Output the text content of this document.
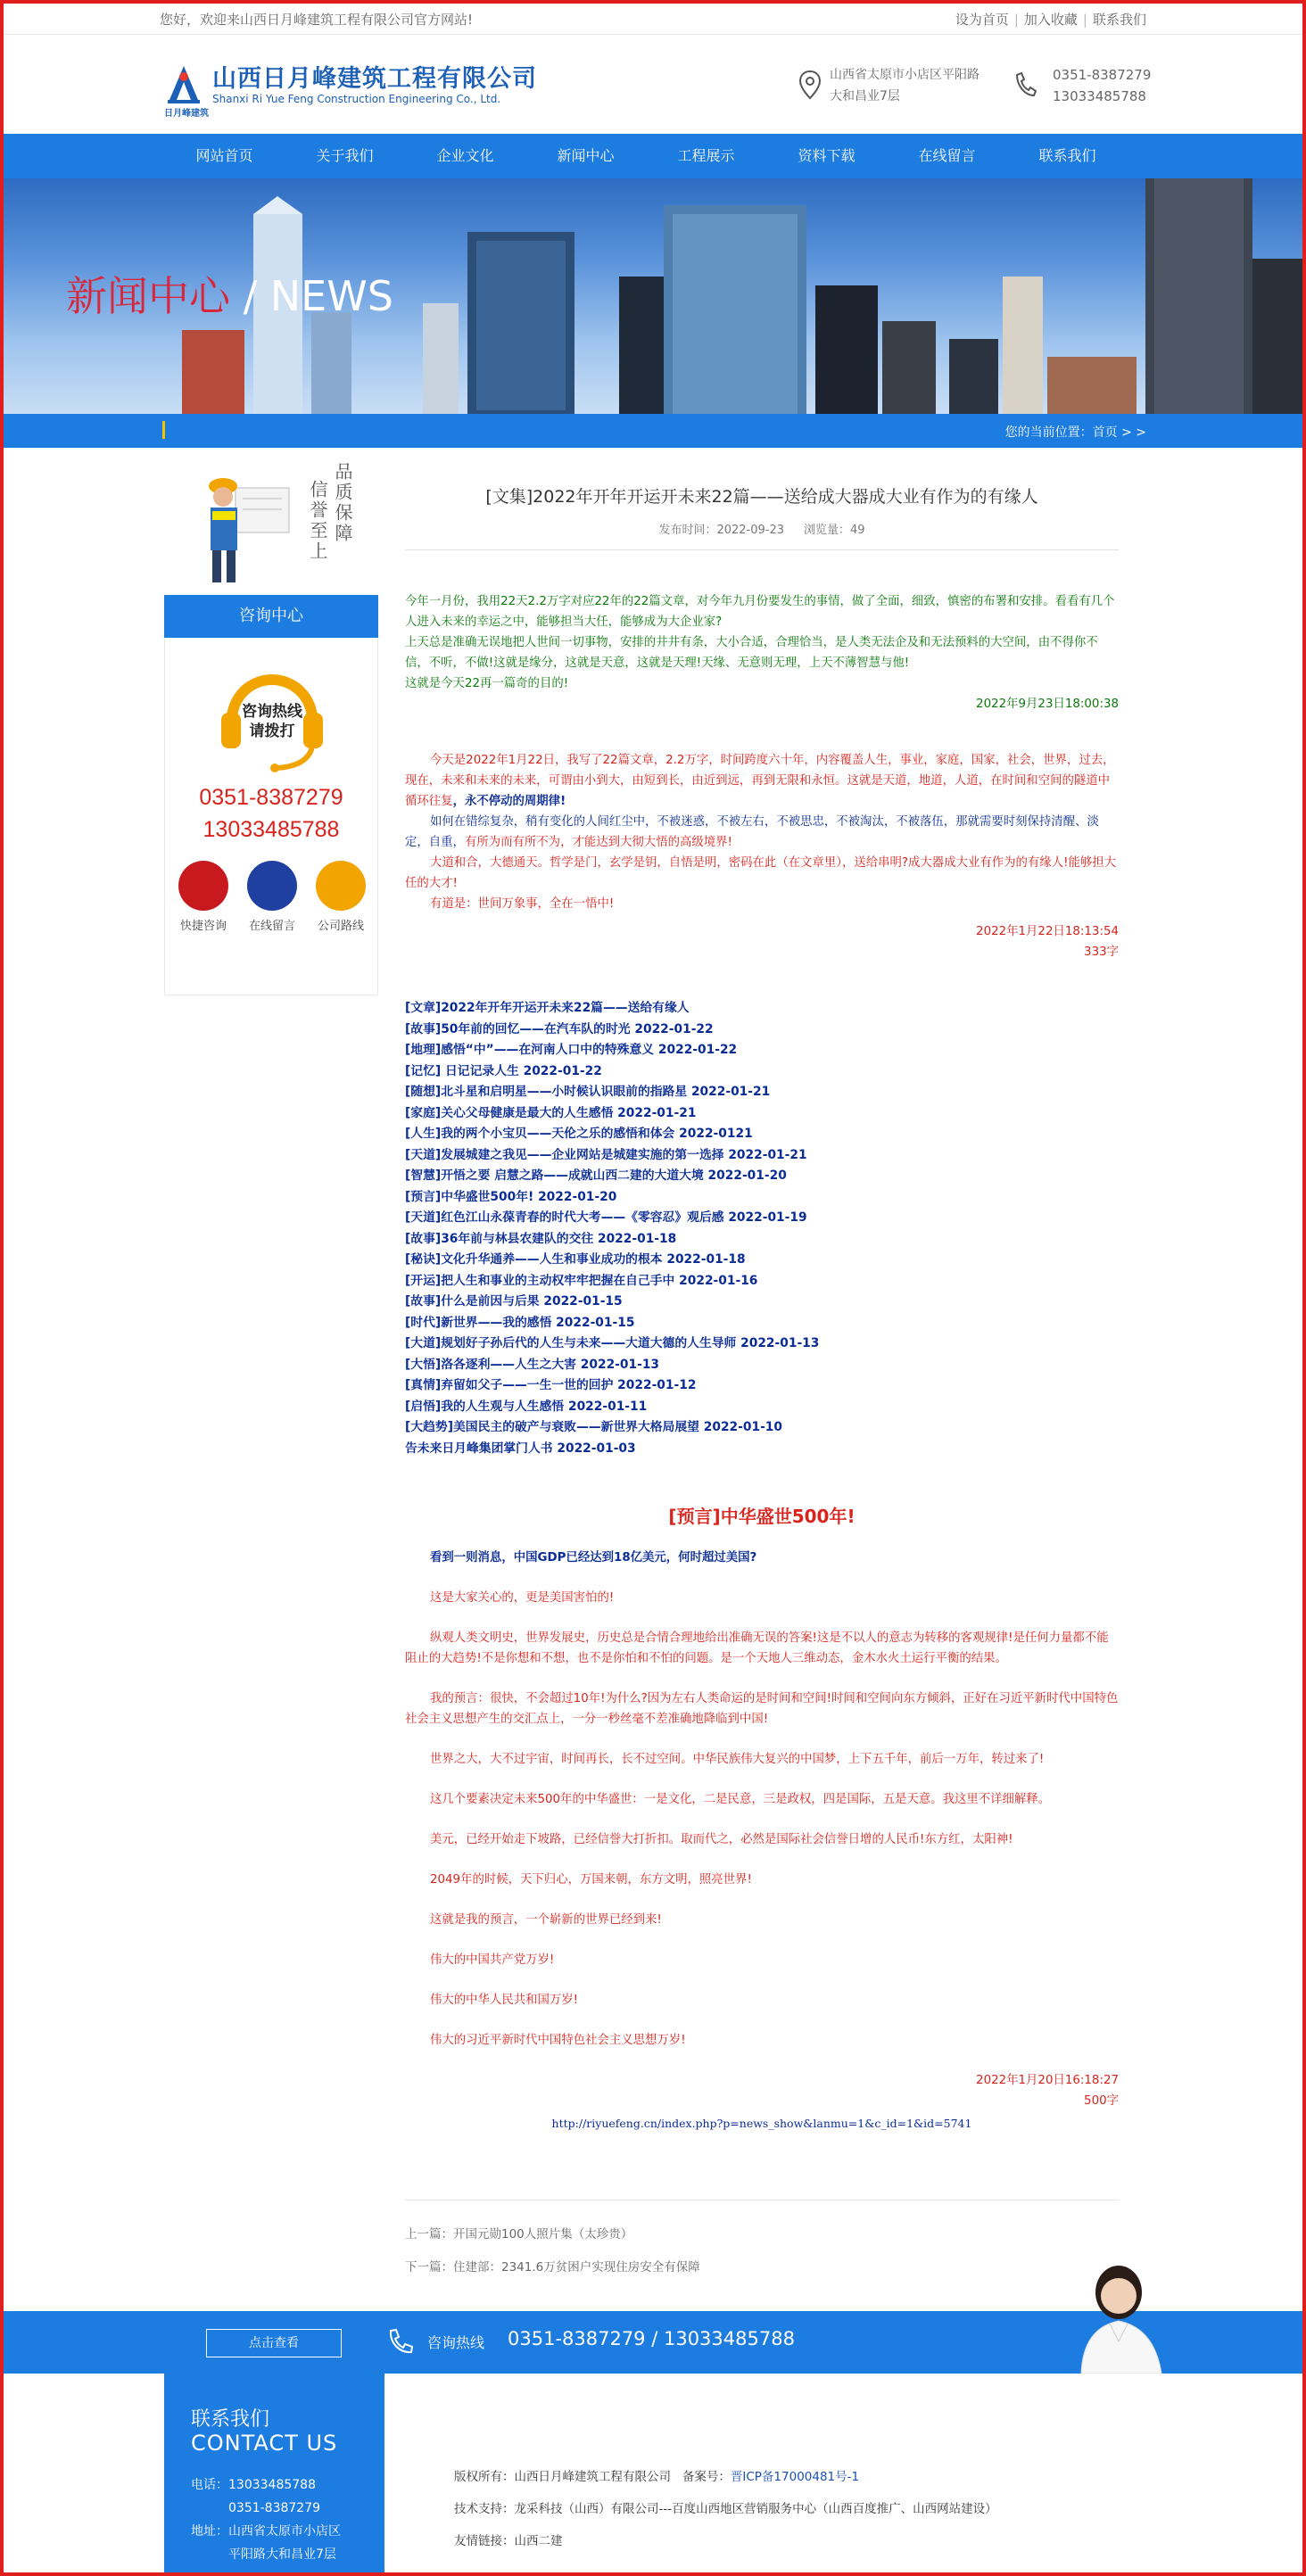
您好，欢迎来山西日月峰建筑工程有限公司官方网站!	设为首页 | 加入收藏 | 联系我们
山西日月峰建筑工程有限公司
Shanxi Ri Yue Feng Construction Engineering Co., Ltd.
日月峰建筑
山西省太原市小店区平阳路
大和昌业7层
0351-8387279
13033485788
网站首页	关于我们	企业文化	新闻中心	工程展示	资料下载	在线留言	联系我们
新闻中心 / NEWS
您的当前位置：首页 > >
品质保障
信誉至上
咨询中心
咨询热线
请拨打
0351-8387279
13033485788
快捷咨询	在线留言	公司路线
[文集]2022年开年开运开未来22篇——送给成大器成大业有作为的有缘人
发布时间：2022-09-23 浏览量：49
今年一月份，我用22天2.2万字对应22年的22篇文章，对今年九月份要发生的事情，做了全面，细致，慎密的布署和安排。看看有几个人进入未来的幸运之中，能够担当大任，能够成为大企业家?
上天总是准确无误地把人世间一切事物，安排的井井有条，大小合适，合理恰当，是人类无法企及和无法预料的大空间，由不得你不信，不听，不做!这就是缘分，这就是天意，这就是天理!天缘、无意则无理，上天不薄智慧与他!
这就是今天22再一篇奇的目的!
2022年9月23日18:00:38

今天是2022年1月22日，我写了22篇文章，2.2万字，时间跨度六十年，内容覆盖人生，事业，家庭，国家，社会，世界，过去，现在，未来和未来的未来，可谓由小到大，由短到长，由近到远，再到无限和永恒。这就是天道，地道，人道，在时间和空间的隧道中循环往复，永不停动的周期律!

如何在错综复杂，稍有变化的人间红尘中，不被迷惑，不被左右，不被思忠，不被淘汰，不被落伍，那就需要时刻保持清醒、淡定，自重，有所为而有所不为，才能达到大彻大悟的高级境界!

大道和合，大德通天。哲学是门，玄学是钥，自悟是明，密码在此（在文章里），送给串明?成大器成大业有作为的有缘人!能够担大任的大才!

有道是：世间万象事，全在一悟中!

2022年1月22日18:13:54
333字
[文章]2022年开年开运开未来22篇——送给有缘人
[故事]50年前的回忆——在汽车队的时光 2022-01-22
[地理]感悟“中”——在河南人口中的特殊意义 2022-01-22
[记忆] 日记记录人生 2022-01-22
[随想]北斗星和启明星——小时候认识眼前的指路星 2022-01-21
[家庭]关心父母健康是最大的人生感悟 2022-01-21
[人生]我的两个小宝贝——天伦之乐的感悟和体会 2022-0121
[天道]发展城建之我见——企业网站是城建实施的第一选择 2022-01-21
[智慧]开悟之要 启慧之路——成就山西二建的大道大境 2022-01-20
[预言]中华盛世500年! 2022-01-20
[天道]红色江山永葆青春的时代大考——《零容忍》观后感 2022-01-19
[故事]36年前与林县农建队的交往 2022-01-18
[秘诀]文化升华通养——人生和事业成功的根本 2022-01-18
[开运]把人生和事业的主动权牢牢把握在自己手中 2022-01-16
[故事]什么是前因与后果 2022-01-15
[时代]新世界——我的感悟 2022-01-15
[大道]规划好子孙后代的人生与未来——大道大德的人生导师 2022-01-13
[大悟]洛各逐利——人生之大害 2022-01-13
[真情]弃留如父子——一生一世的回护 2022-01-12
[启悟]我的人生观与人生感悟 2022-01-11
[大趋势]美国民主的破产与衰败——新世界大格局展望 2022-01-10
告未来日月峰集团掌门人书 2022-01-03
[预言]中华盛世500年!

看到一则消息，中国GDP已经达到18亿美元，何时超过美国?

这是大家关心的，更是美国害怕的!

纵观人类文明史，世界发展史，历史总是合情合理地给出准确无误的答案!这是不以人的意志为转移的客观规律!是任何力量都不能阻止的大趋势!不是你想和不想，也不是你怕和不怕的问题。是一个天地人三维动态，金木水火土运行平衡的结果。

我的预言：很快，不会超过10年!为什么?因为左右人类命运的是时间和空间!时间和空间向东方倾斜，正好在习近平新时代中国特色社会主义思想产生的交汇点上，一分一秒丝毫不差准确地降临到中国!

世界之大，大不过宇宙，时间再长，长不过空间。中华民族伟大复兴的中国梦，上下五千年，前后一万年，转过来了!

这几个要素决定未来500年的中华盛世：一是文化，二是民意，三是政权，四是国际，五是天意。我这里不详细解释。

美元，已经开始走下坡路，已经信誉大打折扣。取而代之，必然是国际社会信誉日增的人民币!东方红，太阳神!

2049年的时候，天下归心，万国来朝，东方文明，照亮世界!

这就是我的预言，一个崭新的世界已经到来!

伟大的中国共产党万岁!

伟大的中华人民共和国万岁!

伟大的习近平新时代中国特色社会主义思想万岁!

2022年1月20日16:18:27
500字
http://riyuefeng.cn/index.php?p=news_show&lanmu=1&c_id=1&id=5741
上一篇：开国元勋100人照片集（太珍贵）
下一篇：住建部：2341.6万贫困户实现住房安全有保障
点击查看	咨询热线 0351-8387279 / 13033485788
联系我们
CONTACT US
电话：13033485788
0351-8387279
地址：山西省太原市小店区
平阳路大和昌业7层
版权所有：山西日月峰建筑工程有限公司 备案号：晋ICP备17000481号-1
技术支持：龙采科技（山西）有限公司---百度山西地区营销服务中心（山西百度推广、山西网站建设）
友情链接：山西二建
